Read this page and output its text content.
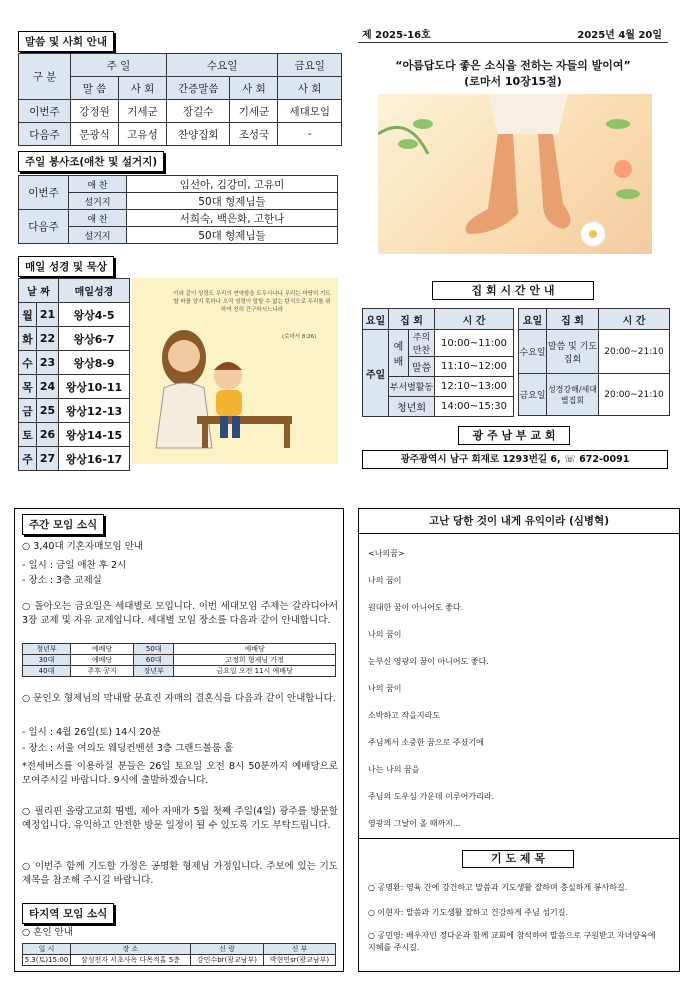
말씀 및 사회 안내
구 분	주 일		수요일		금요일
	말 씀	사 회	간증말씀	사 회	사 회
이번주	강정원	기세군	장길수	기세군	세대모임
다음주	문광식	고유성	찬양집회	조성국	-
주일 봉사조(애찬 및 설거지)
이번주	애 찬	임선아, 김강미, 고유미
	설거지	50대 형제님들
다음주	애 찬	서희숙, 백은화, 고한나
	설거지	50대 형제님들
매일 성경 및 묵상
날 짜		매일성경
월	21	왕상4-5
화	22	왕상6-7
수	23	왕상8-9
목	24	왕상10-11
금	25	왕상12-13
토	26	왕상14-15
주	27	왕상16-17
이와 같이 성령도 우리의 연약함을 도우시나니 우리는 마땅히 기도할 바를 알지 못하나 오직 성령이 말할 수 없는 탄식으로 우리를 위하여 친히 간구하시느니라
(로마서 8:26)
제 2025-16호	2025년 4월 20일
“아름답도다 좋은 소식을 전하는 자들의 발이여”
(로마서 10장15절)
집 회 시 간 안 내
요일	집 회		시 간
주일	예배	주의만찬	10:00~11:00
		말씀	11:10~12:00
	부서별활동		12:10~13:00
	청년회		14:00~15:30
요일	집 회	시 간
수요일	말씀 및 기도집회	20:00~21:10
금요일	성경강해/세대별집회	20:00~21:10
광 주 남 부 교 회
광주광역시 남구 회재로 1293번길 6, ☏ 672-0091
주간 모임 소식
○ 3,40대 기혼자매모임 안내
- 일시 : 금일 애찬 후 2시
- 장소 : 3층 교제실
○ 돌아오는 금요일은 세대별로 모입니다. 이번 세대모임 주제는 갈라디아서 3장 교제 및 자유 교제입니다. 세대별 모임 장소를 다음과 같이 안내합니다.
청년부	예배당	50대	예배당
30대	예배당	60대	고정희 형제님 가정
40대	주후 공지	장년부	금요일 오전 11시 예배당
○ 문인오 형제님의 막내딸 문효진 자매의 결혼식을 다음과 같이 안내합니다.
- 일시 : 4월 26일(토) 14시 20분
- 장소 : 서울 여의도 웨딩컨벤션 3층 그랜드볼룸 홀
*전세버스를 이용하실 분들은 26일 토요일 오전 8시 50분까지 예배당으로 모여주시길 바랍니다. 9시에 출발하겠습니다.
○ 필리핀 올랑고교회 띰벨, 제아 자매가 5월 첫째 주일(4일) 광주를 방문할 예정입니다. 유익하고 안전한 방문 일정이 될 수 있도록 기도 부탁드립니다.
○ 이번주 함께 기도할 가정은 공명환 형제님 가정입니다. 주보에 있는 기도제목을 참조해 주시길 바랍니다.
타지역 모임 소식
○ 혼인 안내
일 시	장 소	신 랑	신 부
5.3(토)15:00	삼성전자 서초사옥 다목적홀 5층	강민수br(광교남부)	박현민sr(광교남부)
고난 당한 것이 내게 유익이라 (심병혁)

<나의꿈>

나의 꿈이

원대한 꿈이 아니어도 좋다.

나의 꿈이

눈부신 영광의 꿈이 아니어도 좋다.

나의 꿈이

소박하고 작을지라도

주님께서 소중한 꿈으로 주셨기에

나는 나의 꿈을

주님의 도우심 가운데 이루어가리라.

영광의 그날이 올 때까지...

기 도 제 목
○ 공명환: 영육 간에 강건하고 말씀과 기도생활 잘하며 충실하게 봉사하길.
○ 이현자: 말씀과 기도생활 잘하고 건강하게 주님 섬기길.
○ 공민영: 배우자인 정다운과 함께 교회에 참석하여 말씀으로 구원받고 자녀양육에 지혜를 주시길.
